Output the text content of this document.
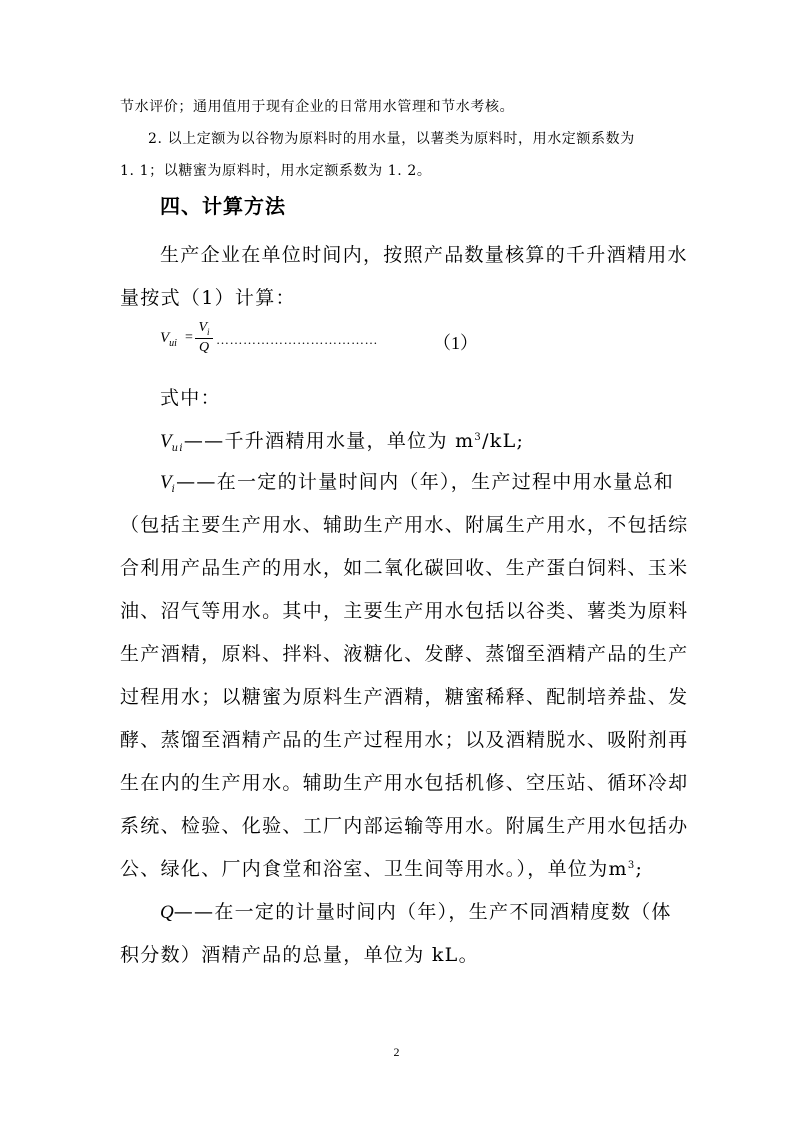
节水评价；通用值用于现有企业的日常用水管理和节水考核。
2. 以上定额为以谷物为原料时的用水量，以薯类为原料时，用水定额系数为
1. 1；以糖蜜为原料时，用水定额系数为 1. 2。
四、计算方法
生产企业在单位时间内，按照产品数量核算的千升酒精用水
量按式（1）计算：
$V_{ui}$ =
$V_i$
Q
………………………………	（1）
式中：
$V_{ui}——$千升酒精用水量，单位为 $m^3/kL$;
$V_i——$在一定的计量时间内（年），生产过程中用水量总和
（包括主要生产用水、辅助生产用水、附属生产用水，不包括综
合利用产品生产的用水，如二氧化碳回收、生产蛋白饲料、玉米
油、沼气等用水。其中，主要生产用水包括以谷类、薯类为原料
生产酒精，原料、拌料、液糖化、发酵、蒸馏至酒精产品的生产
过程用水；以糖蜜为原料生产酒精，糖蜜稀释、配制培养盐、发
酵、蒸馏至酒精产品的生产过程用水；以及酒精脱水、吸附剂再
生在内的生产用水。辅助生产用水包括机修、空压站、循环冷却
系统、检验、化验、工厂内部运输等用水。附属生产用水包括办
公、绿化、厂内食堂和浴室、卫生间等用水。），单位为$m^3$;
Q——在一定的计量时间内（年），生产不同酒精度数（体
积分数）酒精产品的总量，单位为 kL。
2
